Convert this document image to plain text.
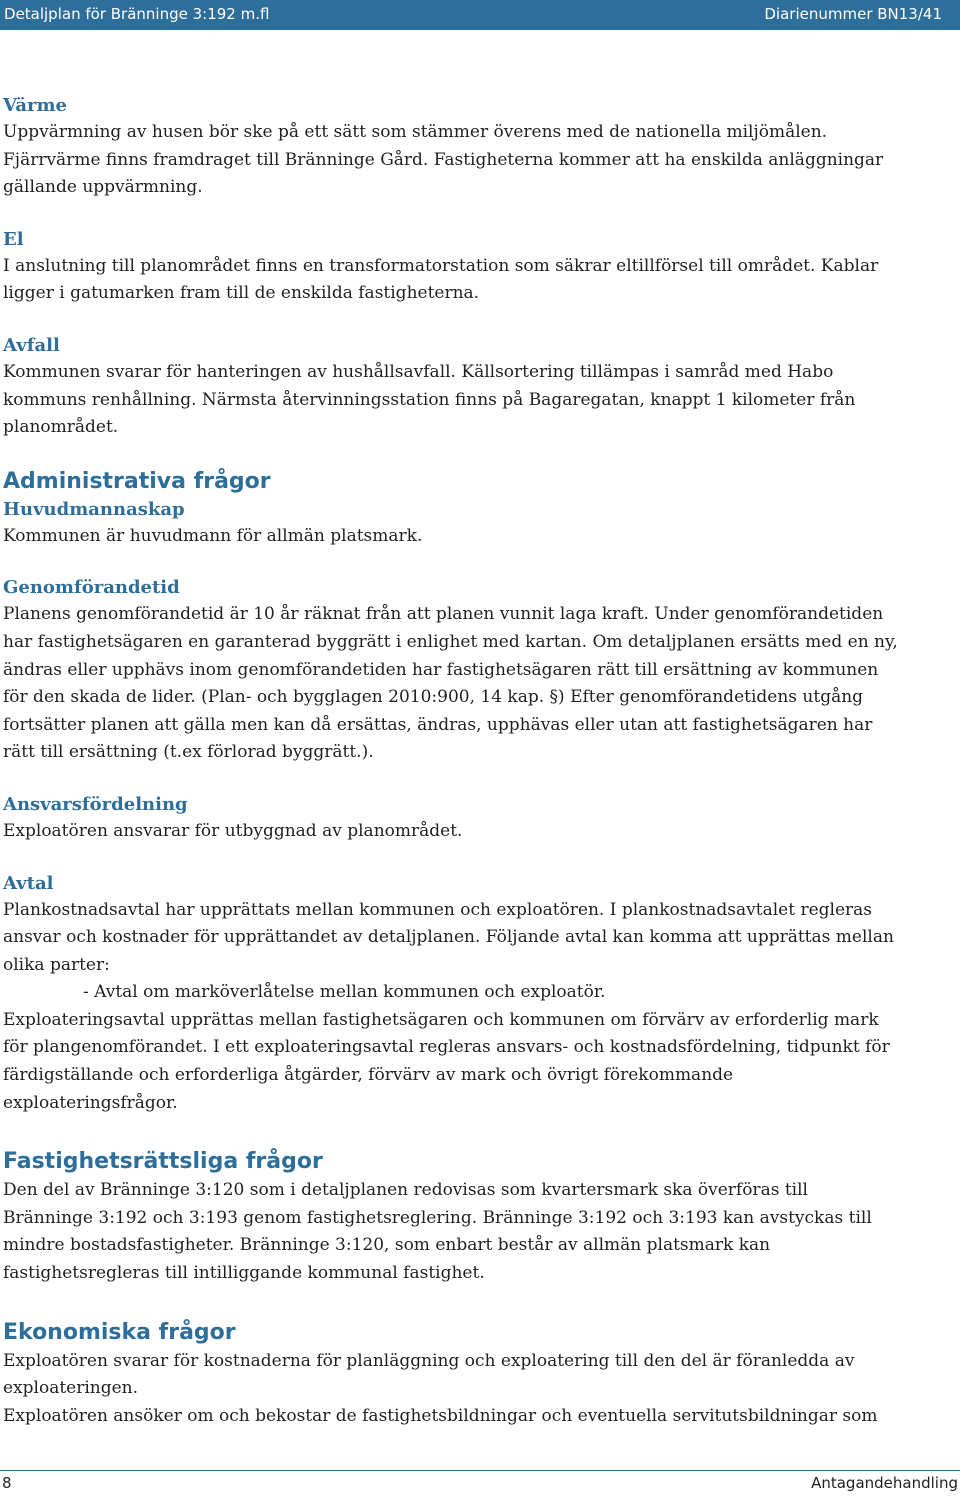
Detaljplan för Bränninge 3:192 m.fl	Diarienummer BN13/41
Värme

Uppvärmning av husen bör ske på ett sätt som stämmer överens med de nationella miljömålen. Fjärrvärme finns framdraget till Bränninge Gård. Fastigheterna kommer att ha enskilda anläggningar gällande uppvärmning.

El

I anslutning till planområdet finns en transformatorstation som säkrar eltillförsel till området. Kablar ligger i gatumarken fram till de enskilda fastigheterna.

Avfall

Kommunen svarar för hanteringen av hushållsavfall. Källsortering tillämpas i samråd med Habo kommuns renhållning. Närmsta återvinningsstation finns på Bagaregatan, knappt 1 kilometer från planområdet.

Administrativa frågor
Huvudmannaskap

Kommunen är huvudmann för allmän platsmark.

Genomförandetid

Planens genomförandetid är 10 år räknat från att planen vunnit laga kraft. Under genomförandetiden har fastighetsägaren en garanterad byggrätt i enlighet med kartan. Om detaljplanen ersätts med en ny, ändras eller upphävs inom genomförandetiden har fastighetsägaren rätt till ersättning av kommunen för den skada de lider. (Plan- och bygglagen 2010:900, 14 kap. §) Efter genomförandetidens utgång fortsätter planen att gälla men kan då ersättas, ändras, upphävas eller utan att fastighetsägaren har rätt till ersättning (t.ex förlorad byggrätt.).

Ansvarsfördelning

Exploatören ansvarar för utbyggnad av planområdet.

Avtal

Plankostnadsavtal har upprättats mellan kommunen och exploatören. I plankostnadsavtalet regleras ansvar och kostnader för upprättandet av detaljplanen. Följande avtal kan komma att upprättas mellan olika parter:

- Avtal om marköverlåtelse mellan kommunen och exploatör.

Exploateringsavtal upprättas mellan fastighetsägaren och kommunen om förvärv av erforderlig mark för plangenomförandet. I ett exploateringsavtal regleras ansvars- och kostnadsfördelning, tidpunkt för färdigställande och erforderliga åtgärder, förvärv av mark och övrigt förekommande exploateringsfrågor.

Fastighetsrättsliga frågor

Den del av Bränninge 3:120 som i detaljplanen redovisas som kvartersmark ska överföras till Bränninge 3:192 och 3:193 genom fastighetsreglering. Bränninge 3:192 och 3:193 kan avstyckas till mindre bostadsfastigheter. Bränninge 3:120, som enbart består av allmän platsmark kan fastighetsregleras till intilliggande kommunal fastighet.

Ekonomiska frågor

Exploatören svarar för kostnaderna för planläggning och exploatering till den del är föranledda av exploateringen.

Exploatören ansöker om och bekostar de fastighetsbildningar och eventuella servitutsbildningar som

8	Antagandehandling
